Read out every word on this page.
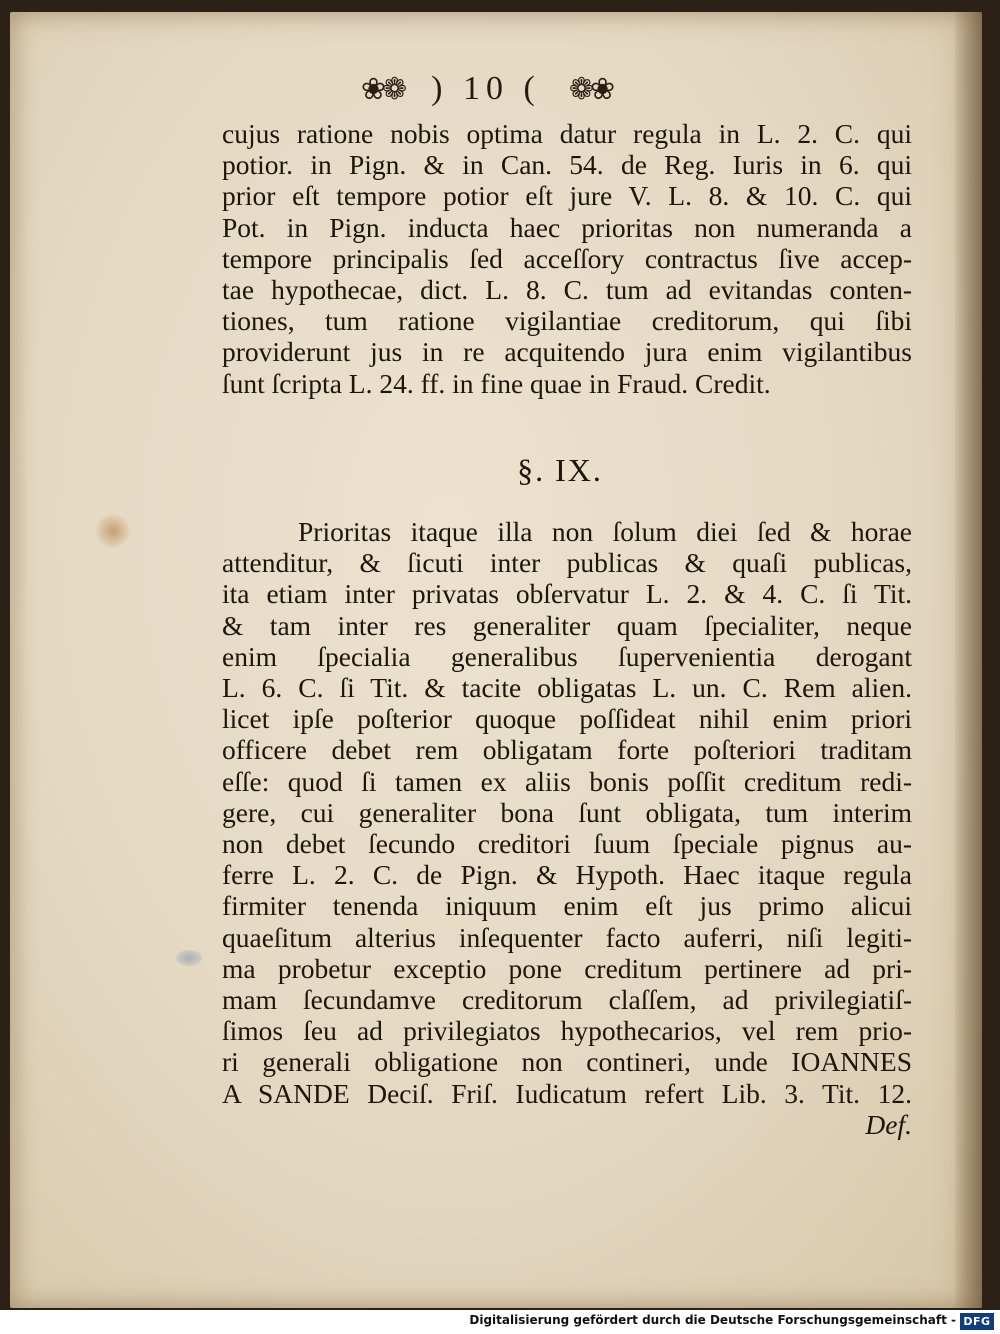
❀❁ ) 10 ( ❁❀
cujus ratione nobis optima datur regula in L. 2. C. qui
potior. in Pign. & in Can. 54. de Reg. Iuris in 6. qui
prior eſt tempore potior eſt jure V. L. 8. & 10. C. qui
Pot. in Pign. inducta haec prioritas non numeranda a
tempore principalis ſed acceſſory contractus ſive accep-
tae hypothecae, dict. L. 8. C. tum ad evitandas conten-
tiones, tum ratione vigilantiae creditorum, qui ſibi
providerunt jus in re acquitendo jura enim vigilantibus
ſunt ſcripta L. 24. ff. in fine quae in Fraud. Credit.
§. IX.
Prioritas itaque illa non ſolum diei ſed & horae
attenditur, & ſicuti inter publicas & quaſi publicas,
ita etiam inter privatas obſervatur L. 2. & 4. C. ſi Tit.
& tam inter res generaliter quam ſpecialiter, neque
enim ſpecialia generalibus ſupervenientia derogant
L. 6. C. ſi Tit. & tacite obligatas L. un. C. Rem alien.
licet ipſe poſterior quoque poſſideat nihil enim priori
officere debet rem obligatam forte poſteriori traditam
eſſe: quod ſi tamen ex aliis bonis poſſit creditum redi-
gere, cui generaliter bona ſunt obligata, tum interim
non debet ſecundo creditori ſuum ſpeciale pignus au-
ferre L. 2. C. de Pign. & Hypoth. Haec itaque regula
firmiter tenenda iniquum enim eſt jus primo alicui
quaeſitum alterius inſequenter facto auferri, niſi legiti-
ma probetur exceptio pone creditum pertinere ad pri-
mam ſecundamve creditorum claſſem, ad privilegiatiſ-
ſimos ſeu ad privilegiatos hypothecarios, vel rem prio-
ri generali obligatione non contineri, unde IOANNES
A SANDE Deciſ. Friſ. Iudicatum refert Lib. 3. Tit. 12.
Def.
Digitalisierung gefördert durch die Deutsche Forschungsgemeinschaft - DFG
